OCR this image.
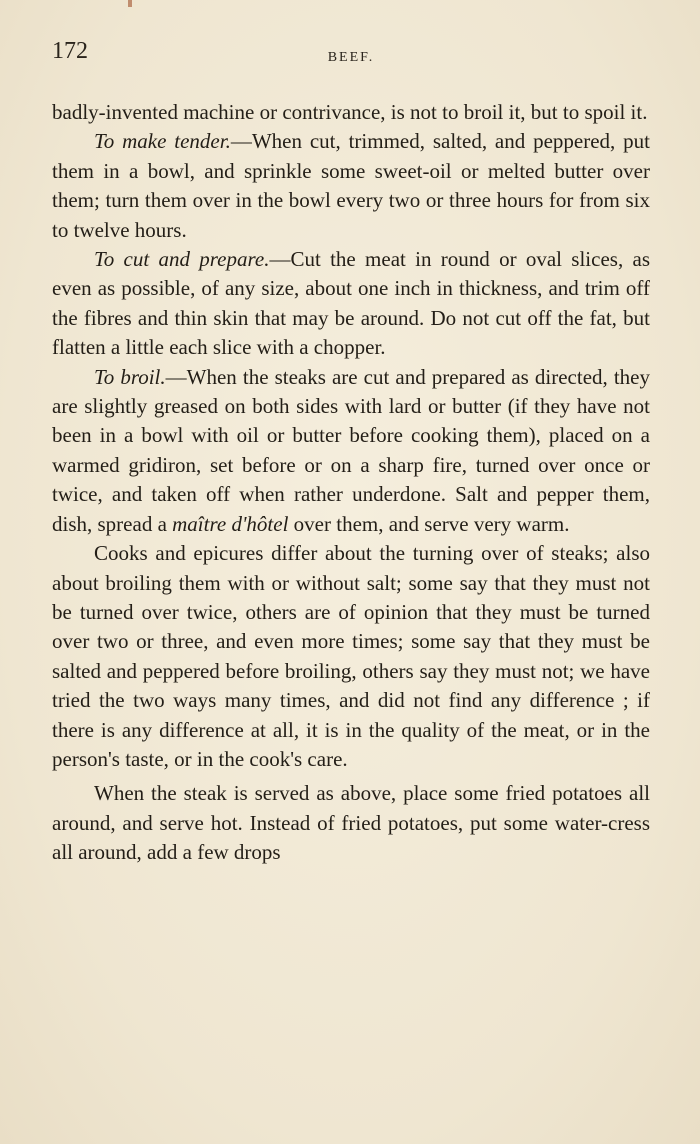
172	BEEF.

badly-invented machine or contrivance, is not to broil it, but to spoil it.

To make tender.—When cut, trimmed, salted, and peppered, put them in a bowl, and sprinkle some sweet-oil or melted butter over them; turn them over in the bowl every two or three hours for from six to twelve hours.

To cut and prepare.—Cut the meat in round or oval slices, as even as possible, of any size, about one inch in thickness, and trim off the fibres and thin skin that may be around. Do not cut off the fat, but flatten a little each slice with a chopper.

To broil.—When the steaks are cut and prepared as directed, they are slightly greased on both sides with lard or butter (if they have not been in a bowl with oil or butter before cooking them), placed on a warmed gridiron, set before or on a sharp fire, turned over once or twice, and taken off when rather underdone. Salt and pepper them, dish, spread a maître d'hôtel over them, and serve very warm.

Cooks and epicures differ about the turning over of steaks; also about broiling them with or without salt; some say that they must not be turned over twice, others are of opinion that they must be turned over two or three, and even more times; some say that they must be salted and peppered before broiling, others say they must not; we have tried the two ways many times, and did not find any difference ; if there is any difference at all, it is in the quality of the meat, or in the person's taste, or in the cook's care.

When the steak is served as above, place some fried potatoes all around, and serve hot. Instead of fried potatoes, put some water-cress all around, add a few drops
